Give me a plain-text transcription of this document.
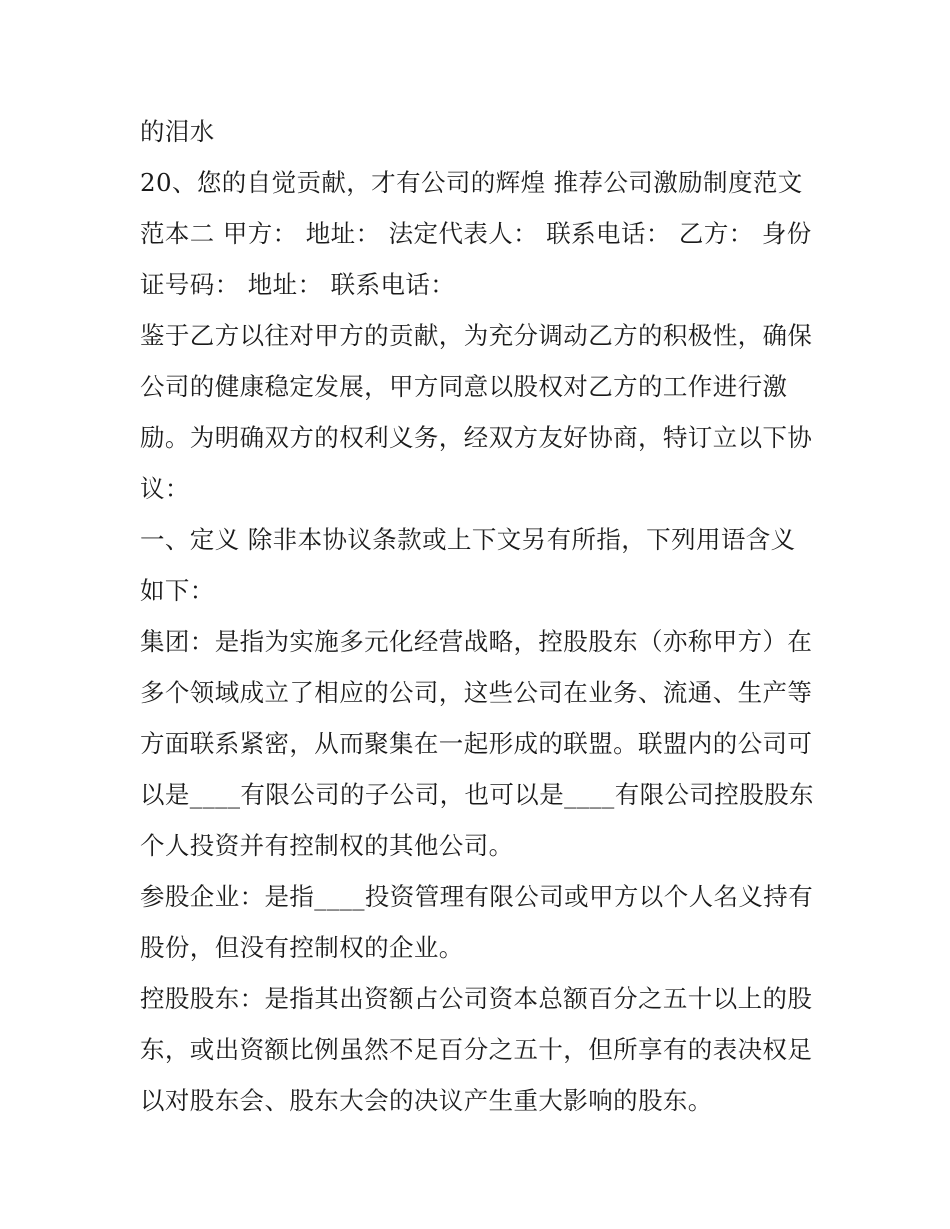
的泪水
20、您的自觉贡献，才有公司的辉煌 推荐公司激励制度范文
范本二 甲方： 地址： 法定代表人： 联系电话： 乙方： 身份
证号码： 地址： 联系电话：
鉴于乙方以往对甲方的贡献，为充分调动乙方的积极性，确保
公司的健康稳定发展，甲方同意以股权对乙方的工作进行激
励。为明确双方的权利义务，经双方友好协商，特订立以下协
议：
一、定义 除非本协议条款或上下文另有所指，下列用语含义
如下：
集团：是指为实施多元化经营战略，控股股东（亦称甲方）在
多个领域成立了相应的公司，这些公司在业务、流通、生产等
方面联系紧密，从而聚集在一起形成的联盟。联盟内的公司可
以是____有限公司的子公司，也可以是____有限公司控股股东
个人投资并有控制权的其他公司。
参股企业：是指____投资管理有限公司或甲方以个人名义持有
股份，但没有控制权的企业。
控股股东：是指其出资额占公司资本总额百分之五十以上的股
东，或出资额比例虽然不足百分之五十，但所享有的表决权足
以对股东会、股东大会的决议产生重大影响的股东。
